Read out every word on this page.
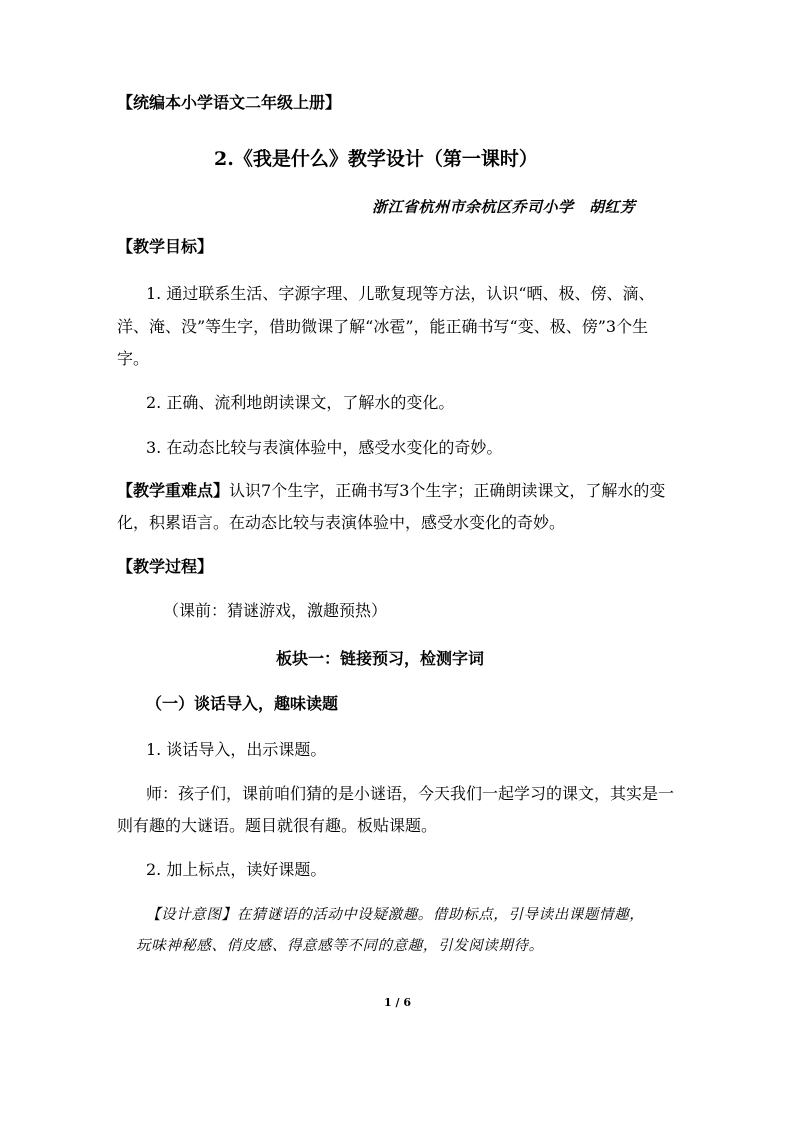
【统编本小学语文二年级上册】
2.《我是什么》教学设计（第一课时）
浙江省杭州市余杭区乔司小学　胡红芳
【教学目标】
1. 通过联系生活、字源字理、儿歌复现等方法，认识“晒、极、傍、滴、
洋、淹、没”等生字，借助微课了解“冰雹”，能正确书写“变、极、傍”3个生
字。
2. 正确、流利地朗读课文，了解水的变化。
3. 在动态比较与表演体验中，感受水变化的奇妙。
【教学重难点】认识7个生字，正确书写3个生字；正确朗读课文，了解水的变
化，积累语言。在动态比较与表演体验中，感受水变化的奇妙。
【教学过程】
（课前：猜谜游戏，激趣预热）
板块一：链接预习，检测字词
（一）谈话导入，趣味读题
1. 谈话导入，出示课题。
师：孩子们，课前咱们猜的是小谜语，今天我们一起学习的课文，其实是一
则有趣的大谜语。题目就很有趣。板贴课题。
2. 加上标点，读好课题。
【设计意图】在猜谜语的活动中设疑激趣。借助标点，引导读出课题情趣，
玩味神秘感、俏皮感、得意感等不同的意趣，引发阅读期待。
1 / 6
